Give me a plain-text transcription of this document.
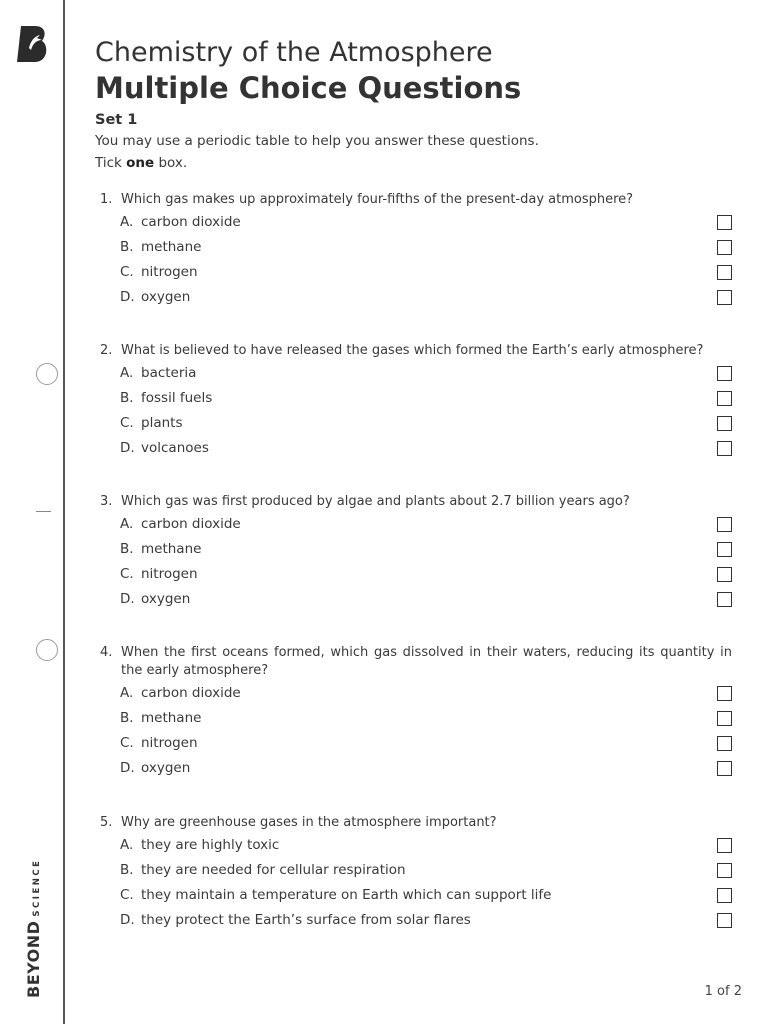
BEYONDSCIENCE
Chemistry of the Atmosphere
Multiple Choice Questions
Set 1
You may use a periodic table to help you answer these questions.
Tick one box.
1. Which gas makes up approximately four-fifths of the present-day atmosphere?
A. carbon dioxide
B. methane
C. nitrogen
D. oxygen
2. What is believed to have released the gases which formed the Earth’s early atmosphere?
A. bacteria
B. fossil fuels
C. plants
D. volcanoes
3. Which gas was first produced by algae and plants about 2.7 billion years ago?
A. carbon dioxide
B. methane
C. nitrogen
D. oxygen
4. When the first oceans formed, which gas dissolved in their waters, reducing its quantity in the early atmosphere?
A. carbon dioxide
B. methane
C. nitrogen
D. oxygen
5. Why are greenhouse gases in the atmosphere important?
A. they are highly toxic
B. they are needed for cellular respiration
C. they maintain a temperature on Earth which can support life
D. they protect the Earth’s surface from solar flares
1 of 2
